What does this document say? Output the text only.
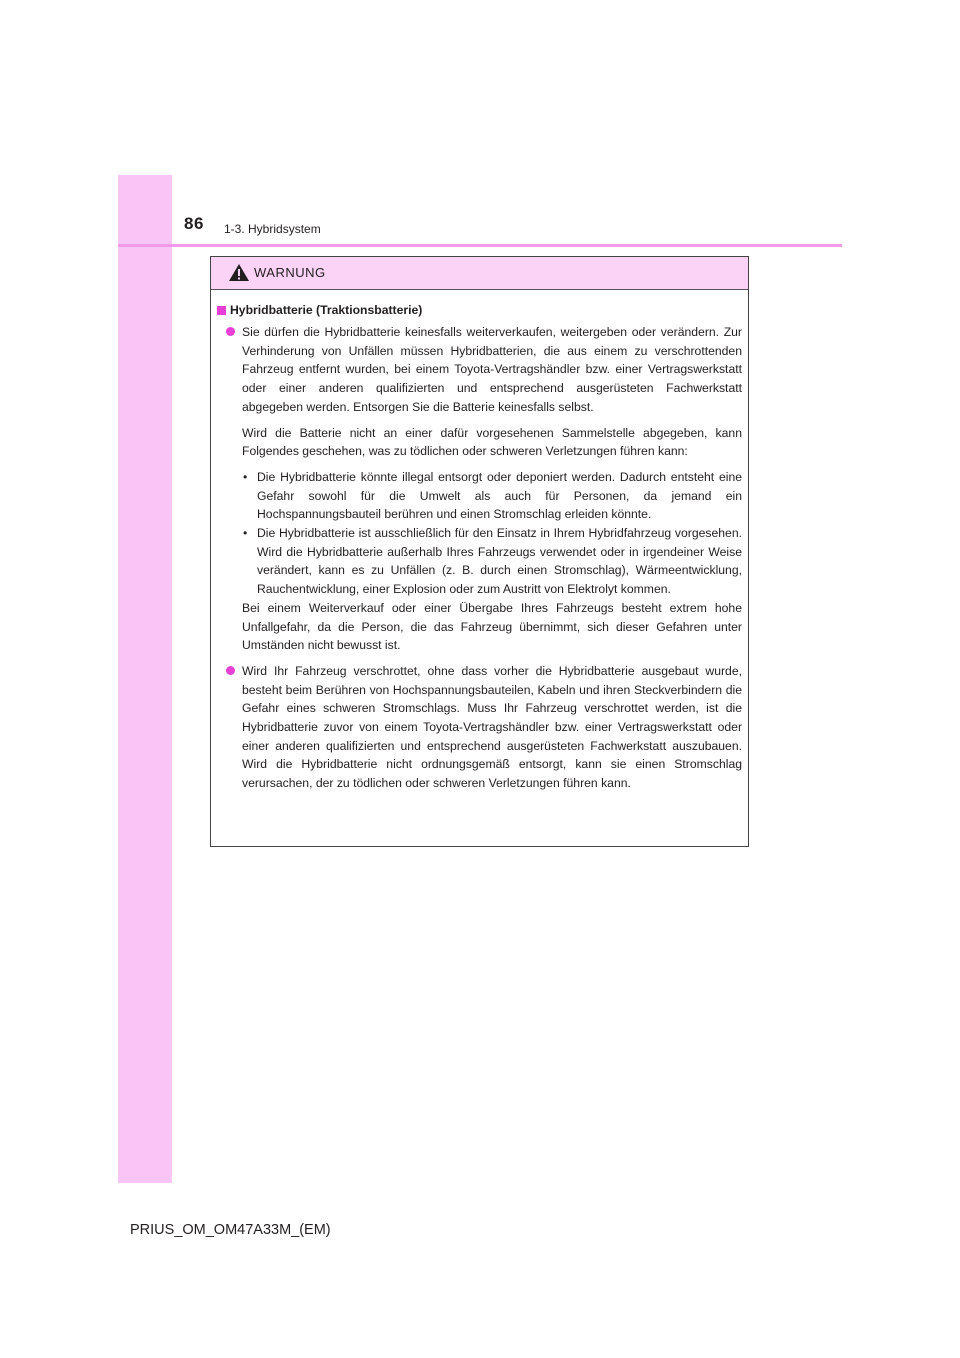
86 1-3. Hybridsystem
WARNUNG
Hybridbatterie (Traktionsbatterie)

Sie dürfen die Hybridbatterie keinesfalls weiterverkaufen, weitergeben oder verändern. Zur Verhinderung von Unfällen müssen Hybridbatterien, die aus einem zu verschrottenden Fahrzeug entfernt wurden, bei einem Toyota-Vertragshändler bzw. einer Vertragswerkstatt oder einer anderen qualifizierten und entsprechend ausgerüsteten Fachwerkstatt abgegeben werden. Entsorgen Sie die Batterie keinesfalls selbst.

Wird die Batterie nicht an einer dafür vorgesehenen Sammelstelle abgegeben, kann Folgendes geschehen, was zu tödlichen oder schweren Verletzungen führen kann:

• Die Hybridbatterie könnte illegal entsorgt oder deponiert werden. Dadurch entsteht eine Gefahr sowohl für die Umwelt als auch für Personen, da jemand ein Hochspannungsbauteil berühren und einen Stromschlag erleiden könnte.
• Die Hybridbatterie ist ausschließlich für den Einsatz in Ihrem Hybridfahrzeug vorgesehen. Wird die Hybridbatterie außerhalb Ihres Fahrzeugs verwendet oder in irgendeiner Weise verändert, kann es zu Unfällen (z. B. durch einen Stromschlag), Wärmeentwicklung, Rauchentwicklung, einer Explosion oder zum Austritt von Elektrolyt kommen.

Bei einem Weiterverkauf oder einer Übergabe Ihres Fahrzeugs besteht extrem hohe Unfallgefahr, da die Person, die das Fahrzeug übernimmt, sich dieser Gefahren unter Umständen nicht bewusst ist.

Wird Ihr Fahrzeug verschrottet, ohne dass vorher die Hybridbatterie ausgebaut wurde, besteht beim Berühren von Hochspannungsbauteilen, Kabeln und ihren Steckverbindern die Gefahr eines schweren Stromschlags. Muss Ihr Fahrzeug verschrottet werden, ist die Hybridbatterie zuvor von einem Toyota-Vertragshändler bzw. einer Vertragswerkstatt oder einer anderen qualifizierten und entsprechend ausgerüsteten Fachwerkstatt auszubauen. Wird die Hybridbatterie nicht ordnungsgemäß entsorgt, kann sie einen Stromschlag verursachen, der zu tödlichen oder schweren Verletzungen führen kann.

PRIUS_OM_OM47A33M_(EM)
